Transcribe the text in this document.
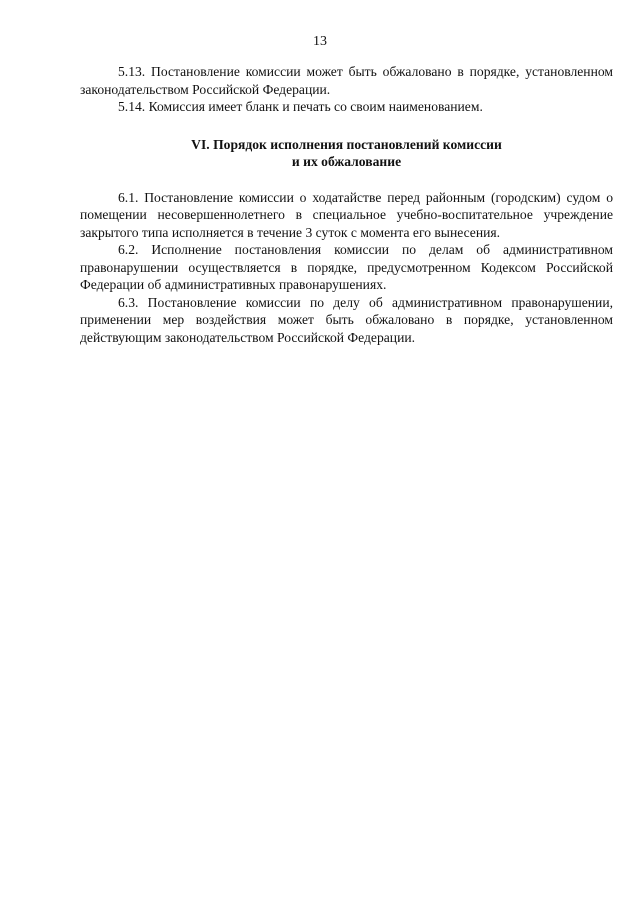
13

5.13. Постановление комиссии может быть обжаловано в порядке, установленном законодательством Российской Федерации.

5.14. Комиссия имеет бланк и печать со своим наименованием.

VI. Порядок исполнения постановлений комиссии
и их обжалование

6.1. Постановление комиссии о ходатайстве перед районным (городским) судом о помещении несовершеннолетнего в специальное учебно-воспитательное учреждение закрытого типа исполняется в течение 3 суток с момента его вынесения.

6.2. Исполнение постановления комиссии по делам об административном правонарушении осуществляется в порядке, предусмотренном Кодексом Российской Федерации об административных правонарушениях.

6.3. Постановление комиссии по делу об административном правонарушении, применении мер воздействия может быть обжаловано в порядке, установленном действующим законодательством Российской Федерации.
